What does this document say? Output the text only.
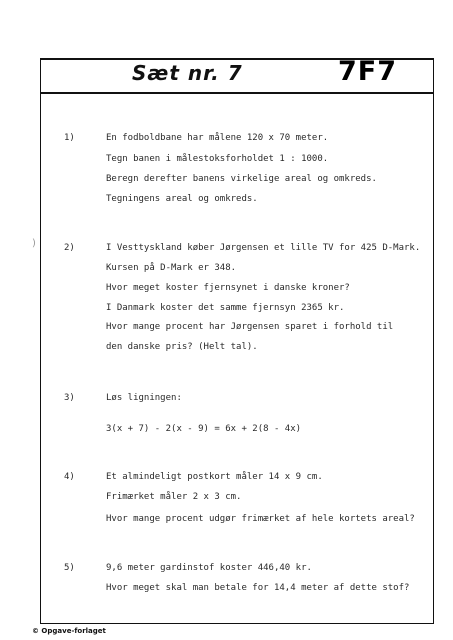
Sæt nr. 7	7F7
)
1)	En fodboldbane har målene 120 x 70 meter.
Tegn banen i målestoksforholdet 1 : 1000.
Beregn derefter banens virkelige areal og omkreds.
Tegningens areal og omkreds.
2)	I Vesttyskland køber Jørgensen et lille TV for 425 D-Mark.
Kursen på D-Mark er 348.
Hvor meget koster fjernsynet i danske kroner?
I Danmark koster det samme fjernsyn 2365 kr.
Hvor mange procent har Jørgensen sparet i forhold til
den danske pris? (Helt tal).
3)	Løs ligningen:
3(x + 7) - 2(x - 9) = 6x + 2(8 - 4x)
4)	Et almindeligt postkort måler 14 x 9 cm.
Frimærket måler 2 x 3 cm.
Hvor mange procent udgør frimærket af hele kortets areal?
5)	9,6 meter gardinstof koster 446,40 kr.
Hvor meget skal man betale for 14,4 meter af dette stof?
© Opgave-forlaget
